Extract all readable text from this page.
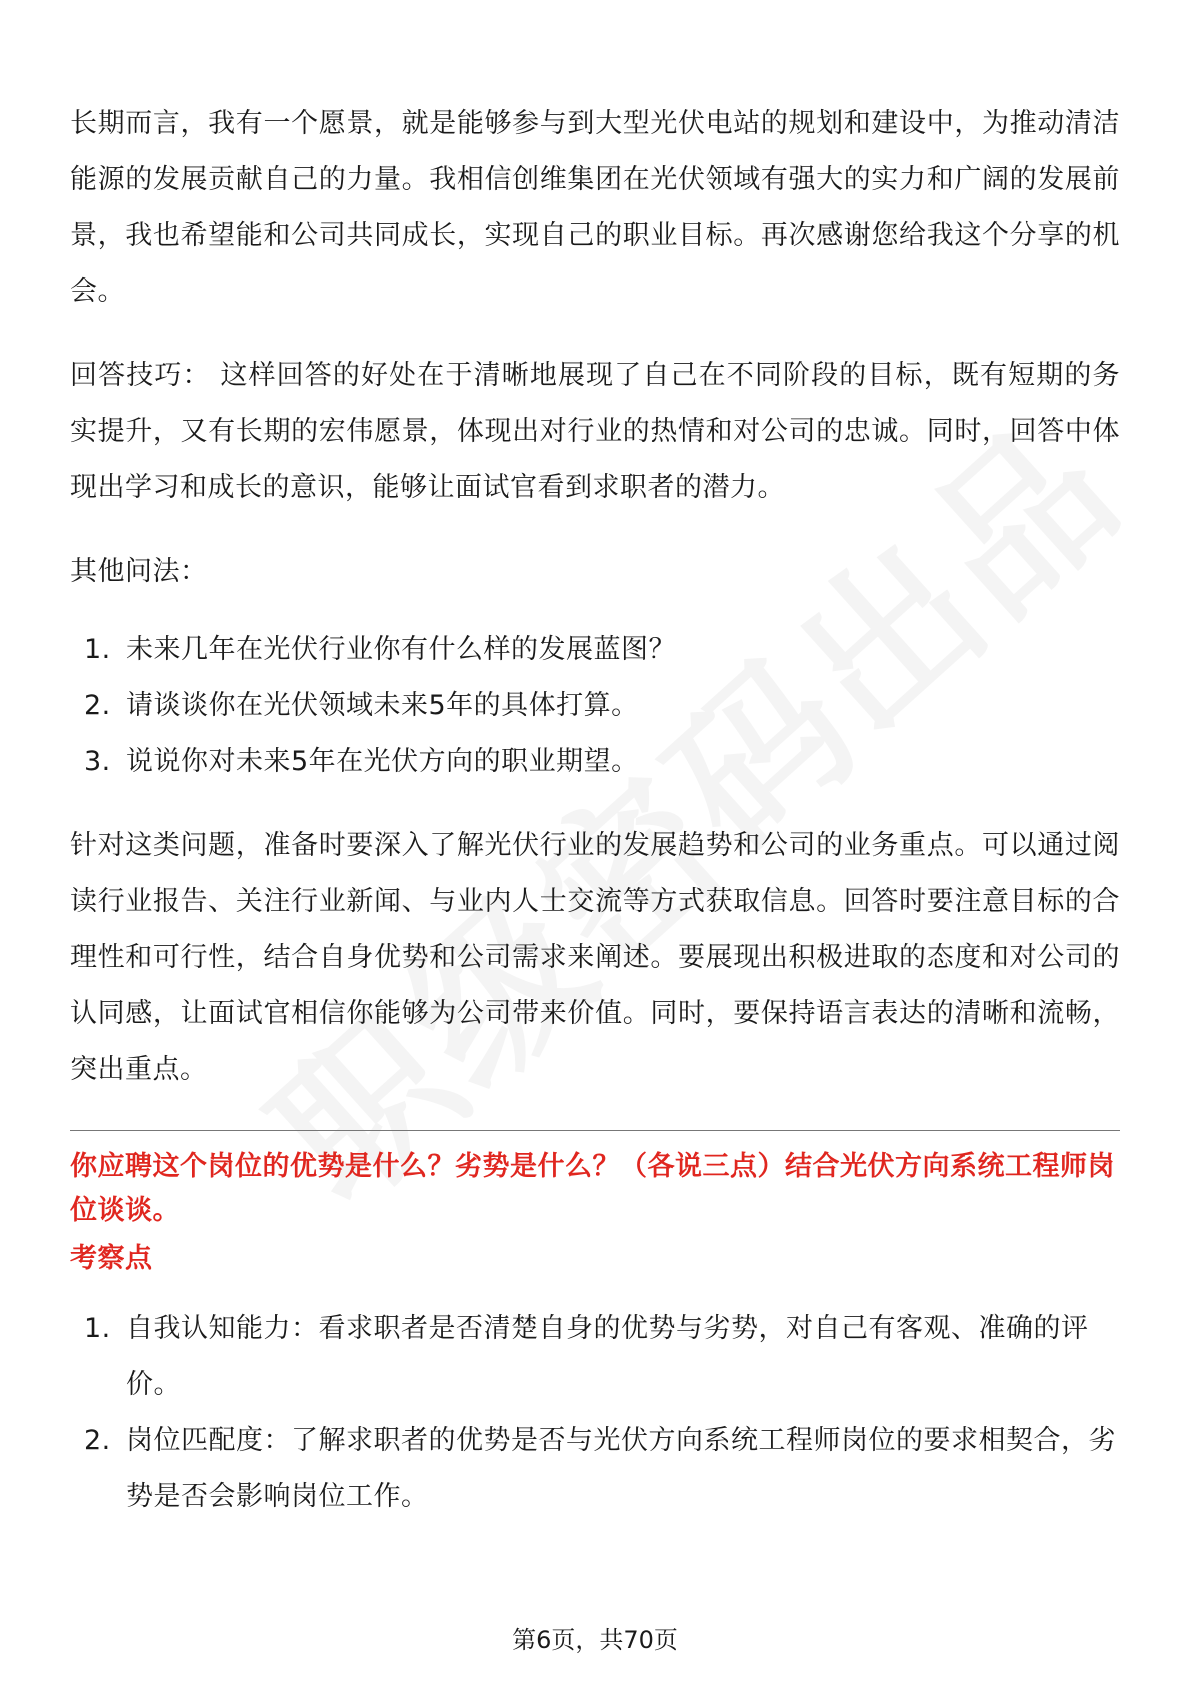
长期而言，我有一个愿景，就是能够参与到大型光伏电站的规划和建设中，为推动清洁能源的发展贡献自己的力量。我相信创维集团在光伏领域有强大的实力和广阔的发展前景，我也希望能和公司共同成长，实现自己的职业目标。再次感谢您给我这个分享的机会。

回答技巧： 这样回答的好处在于清晰地展现了自己在不同阶段的目标，既有短期的务实提升，又有长期的宏伟愿景，体现出对行业的热情和对公司的忠诚。同时，回答中体现出学习和成长的意识，能够让面试官看到求职者的潜力。

其他问法：

1. 未来几年在光伏行业你有什么样的发展蓝图？
2. 请谈谈你在光伏领域未来5年的具体打算。
3. 说说你对未来5年在光伏方向的职业期望。

针对这类问题，准备时要深入了解光伏行业的发展趋势和公司的业务重点。可以通过阅读行业报告、关注行业新闻、与业内人士交流等方式获取信息。回答时要注意目标的合理性和可行性，结合自身优势和公司需求来阐述。要展现出积极进取的态度和对公司的认同感，让面试官相信你能够为公司带来价值。同时，要保持语言表达的清晰和流畅，突出重点。

你应聘这个岗位的优势是什么？劣势是什么？（各说三点）结合光伏方向系统工程师岗位谈谈。

考察点

1. 自我认知能力：看求职者是否清楚自身的优势与劣势，对自己有客观、准确的评价。
2. 岗位匹配度：了解求职者的优势是否与光伏方向系统工程师岗位的要求相契合，劣势是否会影响岗位工作。
第6页，共70页
